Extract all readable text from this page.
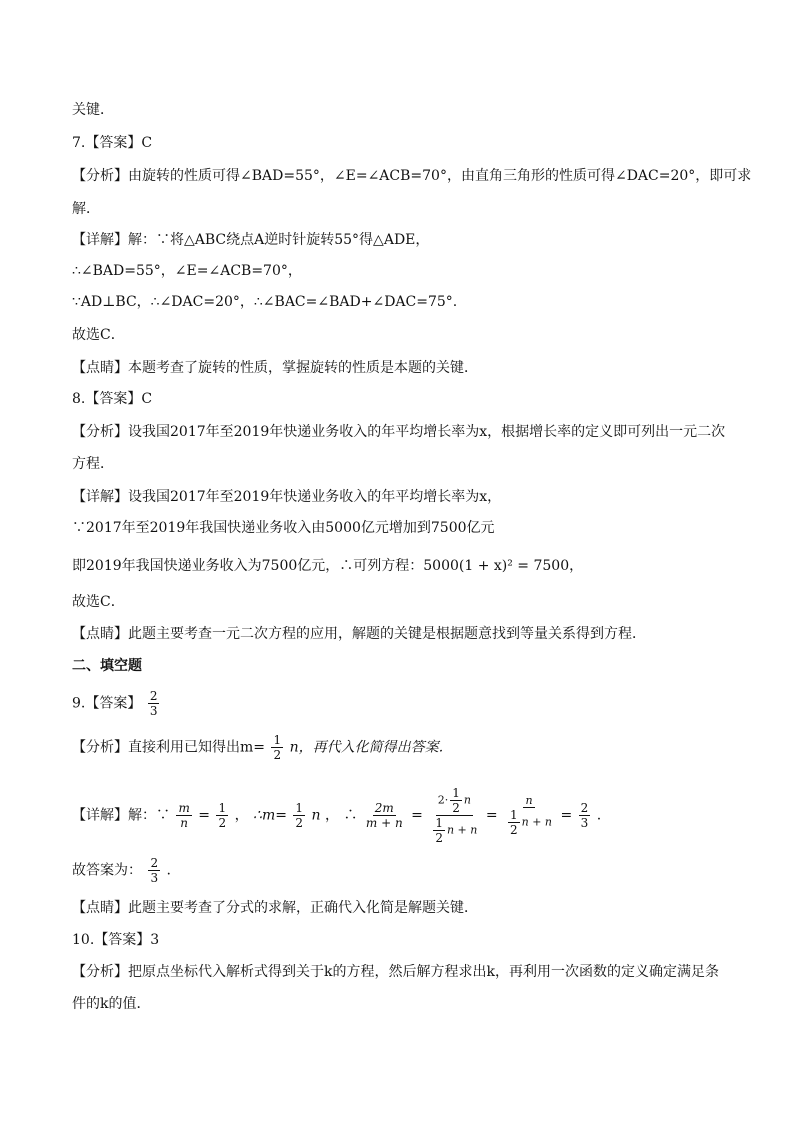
关键．
7.【答案】C
【分析】由旋转的性质可得∠BAD=55°，∠E=∠ACB=70°，由直角三角形的性质可得∠DAC=20°，即可求
解．
【详解】解：∵将△ABC绕点A逆时针旋转55°得△ADE，
∴∠BAD=55°，∠E=∠ACB=70°，
∵AD⊥BC，∴∠DAC=20°，∴∠BAC=∠BAD+∠DAC=75°.
故选C．
【点睛】本题考查了旋转的性质，掌握旋转的性质是本题的关键．
8.【答案】C
【分析】设我国2017年至2019年快递业务收入的年平均增长率为x，根据增长率的定义即可列出一元二次
方程．
【详解】设我国2017年至2019年快递业务收入的年平均增长率为x，
∵2017年至2019年我国快递业务收入由5000亿元增加到7500亿元
即2019年我国快递业务收入为7500亿元，∴可列方程：5000(1 + x)² = 7500，
故选C．
【点睛】此题主要考查一元二次方程的应用，解题的关键是根据题意找到等量关系得到方程．
二、填空题
9.【答案】 $\frac{2}{3}$
【分析】直接利用已知得出$m= \frac{1}{2}$ n，再代入化简得出答案．
【详解】解：∵ $\frac{m}{n} = \frac{1}{2}$ ， ∴m= $\frac{1}{2}$ n ， ∴ $\frac{2m}{m + n} = \frac{2\cdot \frac{1}{2} n}{\frac{1}{2} n + n} = \frac{n}{\frac{1}{2} n + n} = \frac{2}{3}$ .
故答案为： $\frac{2}{3}$ .
【点睛】此题主要考查了分式的求解，正确代入化简是解题关键．
10.【答案】3
【分析】把原点坐标代入解析式得到关于k的方程，然后解方程求出k，再利用一次函数的定义确定满足条
件的k的值．
